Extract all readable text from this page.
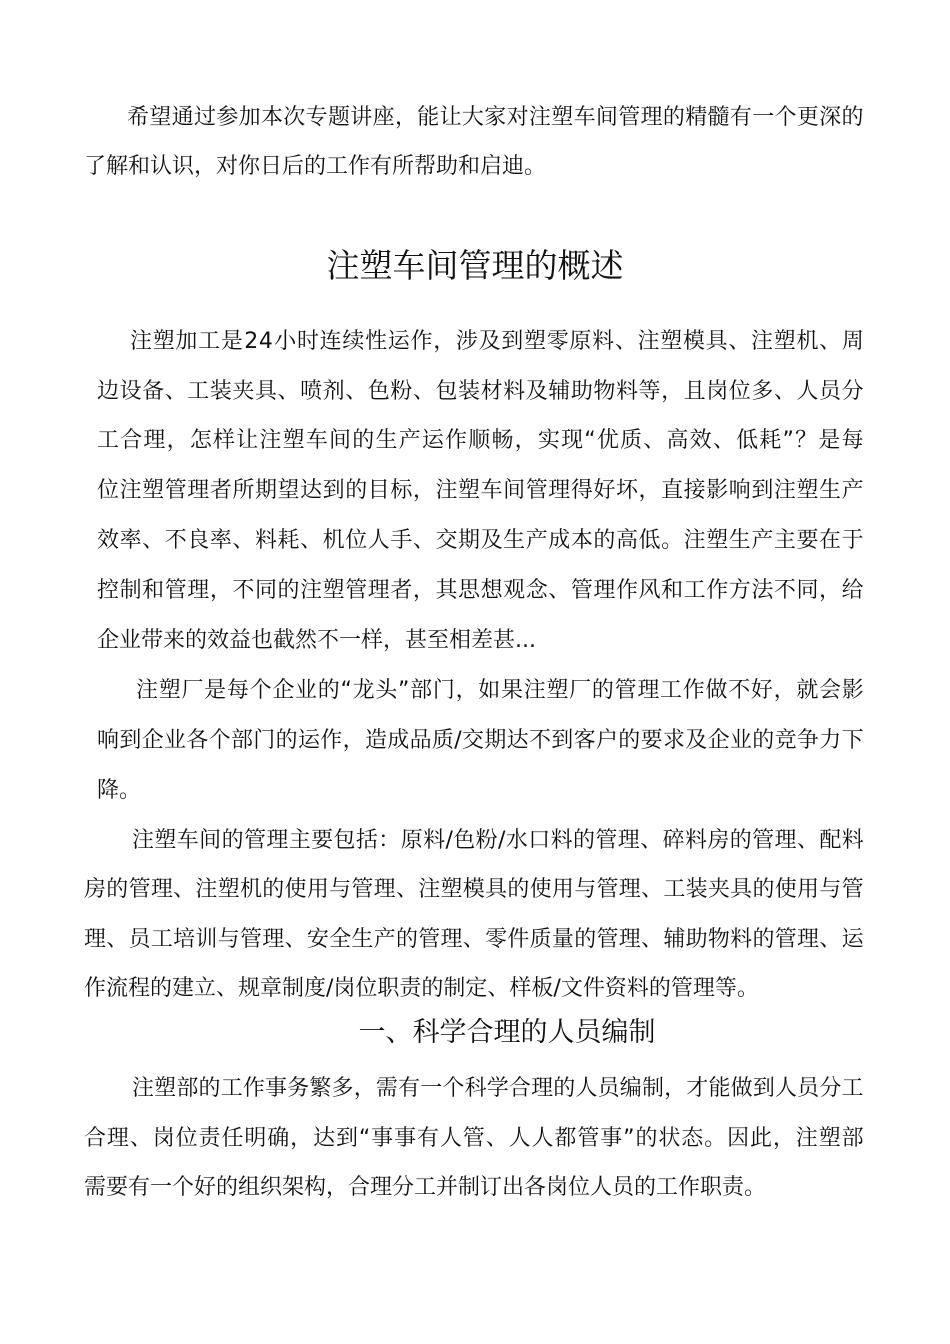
希 望 通 过 参 加 本 次 专 题 讲 座 ， 能 让 大 家 对 注 塑 车 间 管 理 的 精 髓 有 一 个 更 深 的
了解和认识，对你日后的工作有所帮助和启迪。
注塑车间管理的概述
注 塑 加 工 是 2 4 小 时 连 续 性 运 作 ， 涉 及 到 塑 零 原 料 、 注 塑 模 具 、 注 塑 机 、 周
边 设 备 、 工 装 夹 具 、 喷 剂 、 色 粉 、 包 装 材 料 及 辅 助 物 料 等 ， 且 岗 位 多 、 人 员 分
工 合 理 ， 怎 样 让 注 塑 车 间 的 生 产 运 作 顺 畅 ， 实 现 “ 优 质 、 高 效 、 低 耗 ” ？ 是 每
位 注 塑 管 理 者 所 期 望 达 到 的 目 标 ， 注 塑 车 间 管 理 得 好 坏 ， 直 接 影 响 到 注 塑 生 产
效 率 、 不 良 率 、 料 耗 、 机 位 人 手 、 交 期 及 生 产 成 本 的 高 低 。 注 塑 生 产 主 要 在 于
控 制 和 管 理 ， 不 同 的 注 塑 管 理 者 ， 其 思 想 观 念 、 管 理 作 风 和 工 作 方 法 不 同 ， 给
企业带来的效益也截然不一样，甚至相差甚...
注 塑 厂 是 每 个 企 业 的 “ 龙 头 ” 部 门 ， 如 果 注 塑 厂 的 管 理 工 作 做 不 好 ， 就 会 影
响 到 企 业 各 个 部 门 的 运 作 ， 造 成 品 质 / 交 期 达 不 到 客 户 的 要 求 及 企 业 的 竞 争 力 下
降。
注 塑 车 间 的 管 理 主 要 包 括 ： 原 料 / 色 粉 / 水 口 料 的 管 理 、 碎 料 房 的 管 理 、 配 料
房 的 管 理 、 注 塑 机 的 使 用 与 管 理 、 注 塑 模 具 的 使 用 与 管 理 、 工 装 夹 具 的 使 用 与 管
理 、 员 工 培 训 与 管 理 、 安 全 生 产 的 管 理 、 零 件 质 量 的 管 理 、 辅 助 物 料 的 管 理 、 运
作流程的建立、规章制度/岗位职责的制定、样板/文件资料的管理等。
一、科学合理的人员编制
注 塑 部 的 工 作 事 务 繁 多 ， 需 有 一 个 科 学 合 理 的 人 员 编 制 ， 才 能 做 到 人 员 分 工
合 理 、 岗 位 责 任 明 确 ， 达 到 “ 事 事 有 人 管 、 人 人 都 管 事 ” 的 状 态 。 因 此 ， 注 塑 部
需要有一个好的组织架构，合理分工并制订出各岗位人员的工作职责。
